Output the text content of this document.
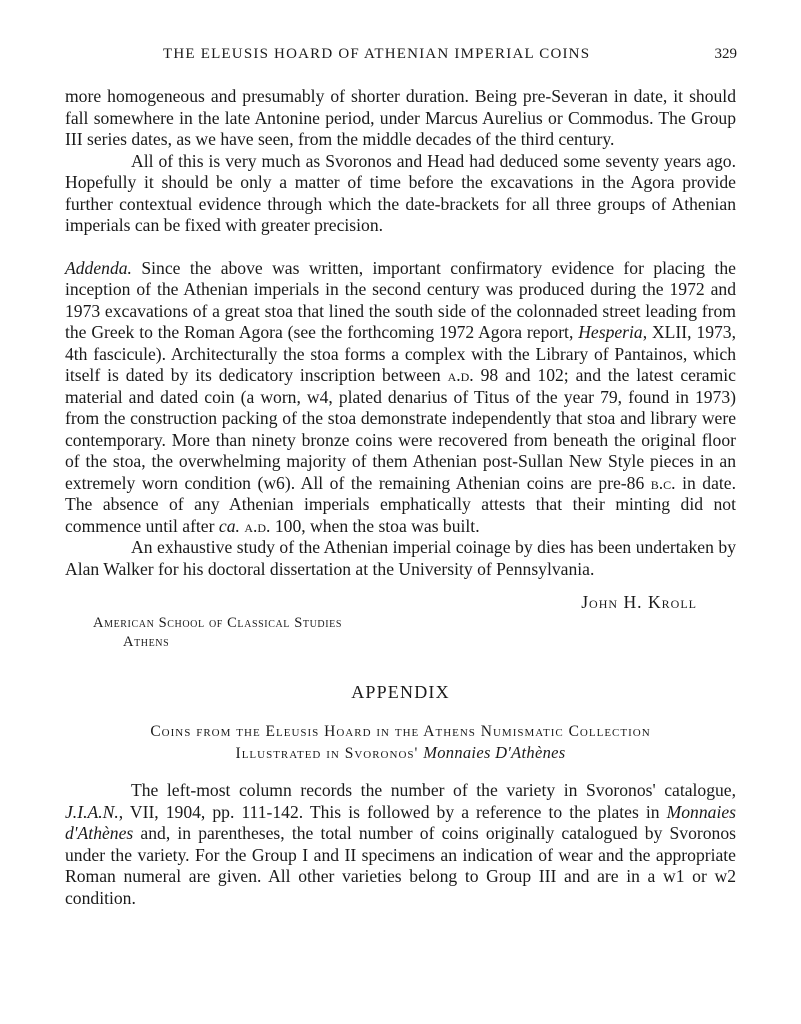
THE ELEUSIS HOARD OF ATHENIAN IMPERIAL COINS	329

more homogeneous and presumably of shorter duration. Being pre-Severan in date, it should fall somewhere in the late Antonine period, under Marcus Aurelius or Commodus. The Group III series dates, as we have seen, from the middle decades of the third century.

All of this is very much as Svoronos and Head had deduced some seventy years ago. Hopefully it should be only a matter of time before the excavations in the Agora provide further contextual evidence through which the date-brackets for all three groups of Athenian imperials can be fixed with greater precision.

Addenda. Since the above was written, important confirmatory evidence for placing the inception of the Athenian imperials in the second century was produced during the 1972 and 1973 excavations of a great stoa that lined the south side of the colonnaded street leading from the Greek to the Roman Agora (see the forthcoming 1972 Agora report, Hesperia, XLII, 1973, 4th fascicule). Architecturally the stoa forms a complex with the Library of Pantainos, which itself is dated by its dedicatory inscription between a.d. 98 and 102; and the latest ceramic material and dated coin (a worn, w4, plated denarius of Titus of the year 79, found in 1973) from the construction packing of the stoa demonstrate independently that stoa and library were contemporary. More than ninety bronze coins were recovered from beneath the original floor of the stoa, the overwhelming majority of them Athenian post-Sullan New Style pieces in an extremely worn condition (w6). All of the remaining Athenian coins are pre-86 b.c. in date. The absence of any Athenian imperials emphatically attests that their minting did not commence until after ca. a.d. 100, when the stoa was built.

An exhaustive study of the Athenian imperial coinage by dies has been undertaken by Alan Walker for his doctoral dissertation at the University of Pennsylvania.

John H. Kroll

American School of Classical Studies

Athens

APPENDIX

Coins from the Eleusis Hoard in the Athens Numismatic Collection
Illustrated in Svoronos' Monnaies D'Athènes

The left-most column records the number of the variety in Svoronos' catalogue, J.I.A.N., VII, 1904, pp. 111-142. This is followed by a reference to the plates in Monnaies d'Athènes and, in parentheses, the total number of coins originally catalogued by Svoronos under the variety. For the Group I and II specimens an indication of wear and the appropriate Roman numeral are given. All other varieties belong to Group III and are in a w1 or w2 condition.
